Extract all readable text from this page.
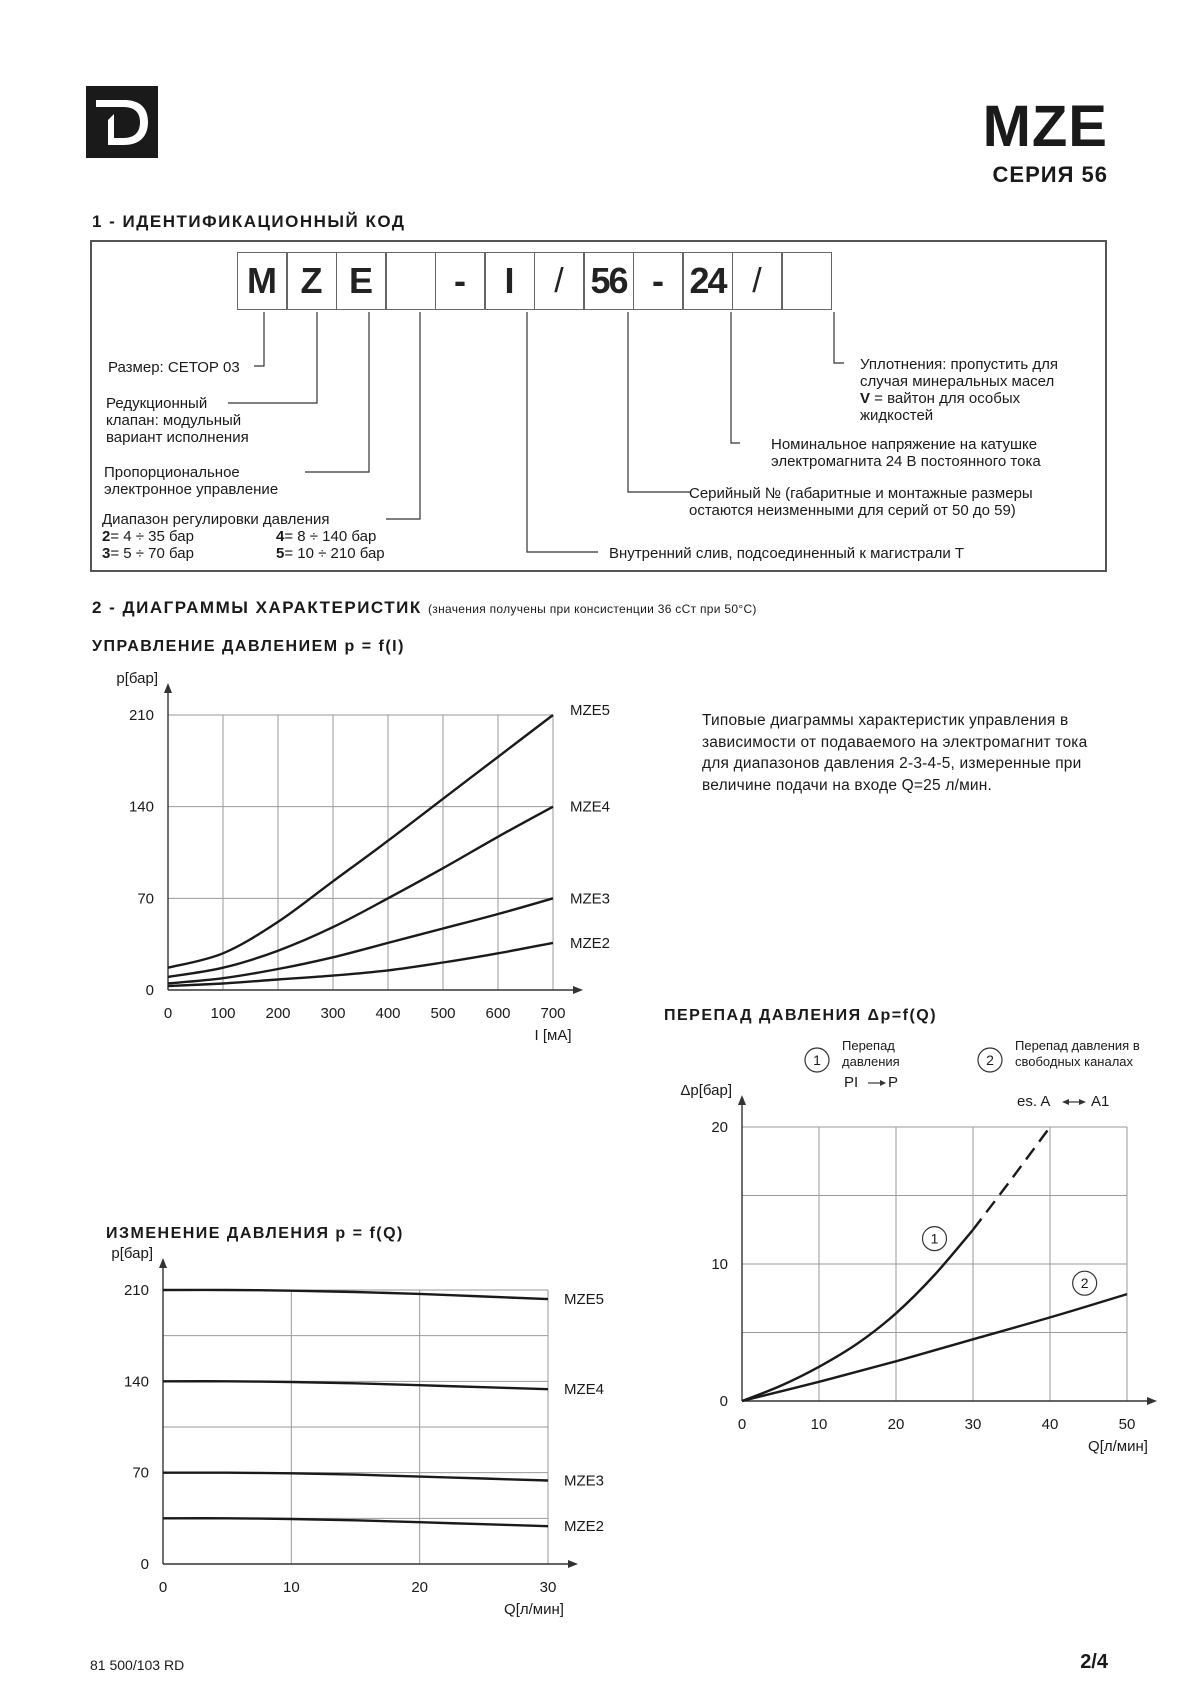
MZE
СЕРИЯ 56
1 - ИДЕНТИФИКАЦИОННЫЙ КОД
M Z E	-	I	/ 56 - 24 /
Размер: СЕТОР 03
Редукционный
клапан: модульный
вариант исполнения
Пропорциональное
электронное управление
Диапазон регулировки давления
2= 4 ÷ 35 бар
3= 5 ÷ 70 бар
4= 8 ÷ 140 бар
5= 10 ÷ 210 бар
Уплотнения: пропустить для
случая минеральных масел
V = вайтон для особых
жидкостей
Номинальное напряжение на катушке
электромагнита 24 В постоянного тока
Серийный № (габаритные и монтажные размеры
остаются неизменными для серий от 50 до 59)
Внутренний слив, подсоединенный к магистрали Т
2 - ДИАГРАММЫ ХАРАКТЕРИСТИК (значения получены при консистенции 36 сСт при 50°С)
УПРАВЛЕНИЕ ДАВЛЕНИЕМ p = f(I)
ПЕРЕПАД ДАВЛЕНИЯ Δp=f(Q)
ИЗМЕНЕНИЕ ДАВЛЕНИЯ p = f(Q)
Типовые диаграммы характеристик управления в
зависимости от подаваемого на электромагнит тока
для диапазонов давления 2-3-4-5, измеренные при
величине подачи на входе Q=25 л/мин.
0	100 200 300 400 500 600 700
0
70
140
210
p[бар]
I [мА]
MZE5
MZE4
MZE3
MZE2
0	10	20	30
0
70
140
210
p[бар]
Q[л/мин]
MZE5
MZE4
MZE3
MZE2
0	10	20	30	40	50
0
10
20
Δp[бар]
Q[л/мин]
1
2
1
Перепад
давления
PI P
2
Перепад давления в
свободных каналах
es. A	A1
81 500/103 RD	2/4
